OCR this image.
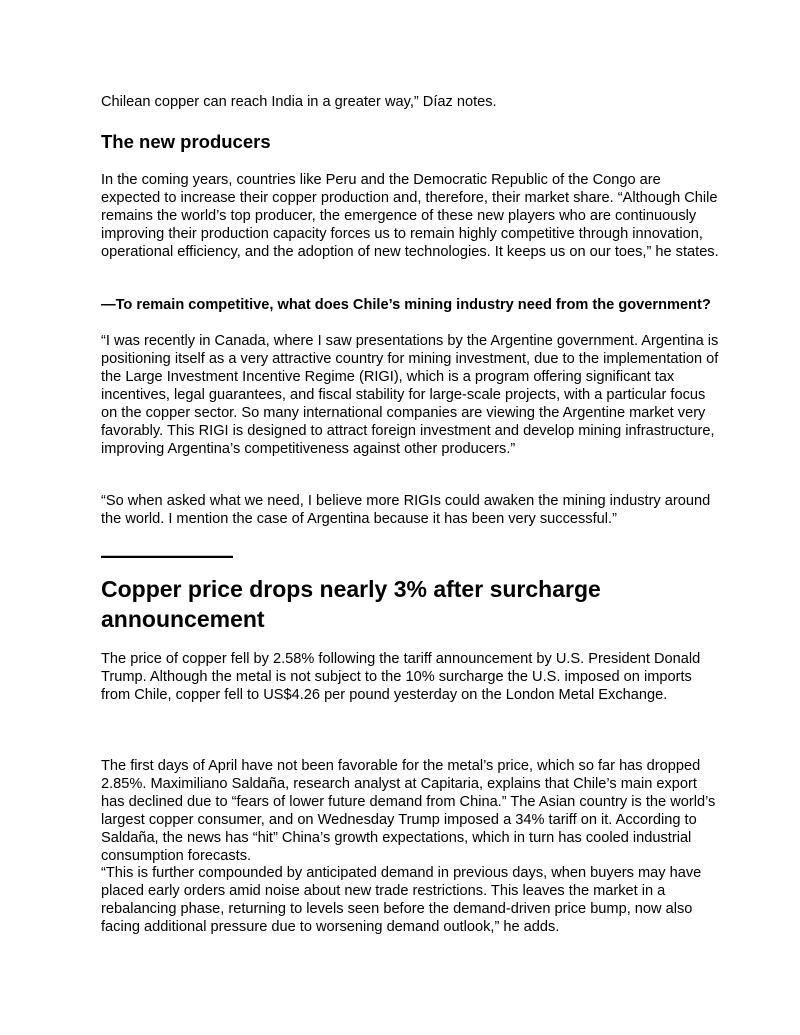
Chilean copper can reach India in a greater way,” Díaz notes.

The new producers

In the coming years, countries like Peru and the Democratic Republic of the Congo are expected to increase their copper production and, therefore, their market share. “Although Chile remains the world’s top producer, the emergence of these new players who are continuously improving their production capacity forces us to remain highly competitive through innovation, operational efficiency, and the adoption of new technologies. It keeps us on our toes,” he states.

—To remain competitive, what does Chile’s mining industry need from the government?

“I was recently in Canada, where I saw presentations by the Argentine government. Argentina is positioning itself as a very attractive country for mining investment, due to the implementation of the Large Investment Incentive Regime (RIGI), which is a program offering significant tax incentives, legal guarantees, and fiscal stability for large-scale projects, with a particular focus on the copper sector. So many international companies are viewing the Argentine market very favorably. This RIGI is designed to attract foreign investment and develop mining infrastructure, improving Argentina’s competitiveness against other producers.”

“So when asked what we need, I believe more RIGIs could awaken the mining industry around the world. I mention the case of Argentina because it has been very successful.”

——————
Copper price drops nearly 3% after surcharge announcement

The price of copper fell by 2.58% following the tariff announcement by U.S. President Donald Trump. Although the metal is not subject to the 10% surcharge the U.S. imposed on imports from Chile, copper fell to US$4.26 per pound yesterday on the London Metal Exchange.

The first days of April have not been favorable for the metal’s price, which so far has dropped 2.85%. Maximiliano Saldaña, research analyst at Capitaria, explains that Chile’s main export has declined due to “fears of lower future demand from China.” The Asian country is the world’s largest copper consumer, and on Wednesday Trump imposed a 34% tariff on it. According to Saldaña, the news has “hit” China’s growth expectations, which in turn has cooled industrial consumption forecasts.

“This is further compounded by anticipated demand in previous days, when buyers may have placed early orders amid noise about new trade restrictions. This leaves the market in a rebalancing phase, returning to levels seen before the demand-driven price bump, now also facing additional pressure due to worsening demand outlook,” he adds.
